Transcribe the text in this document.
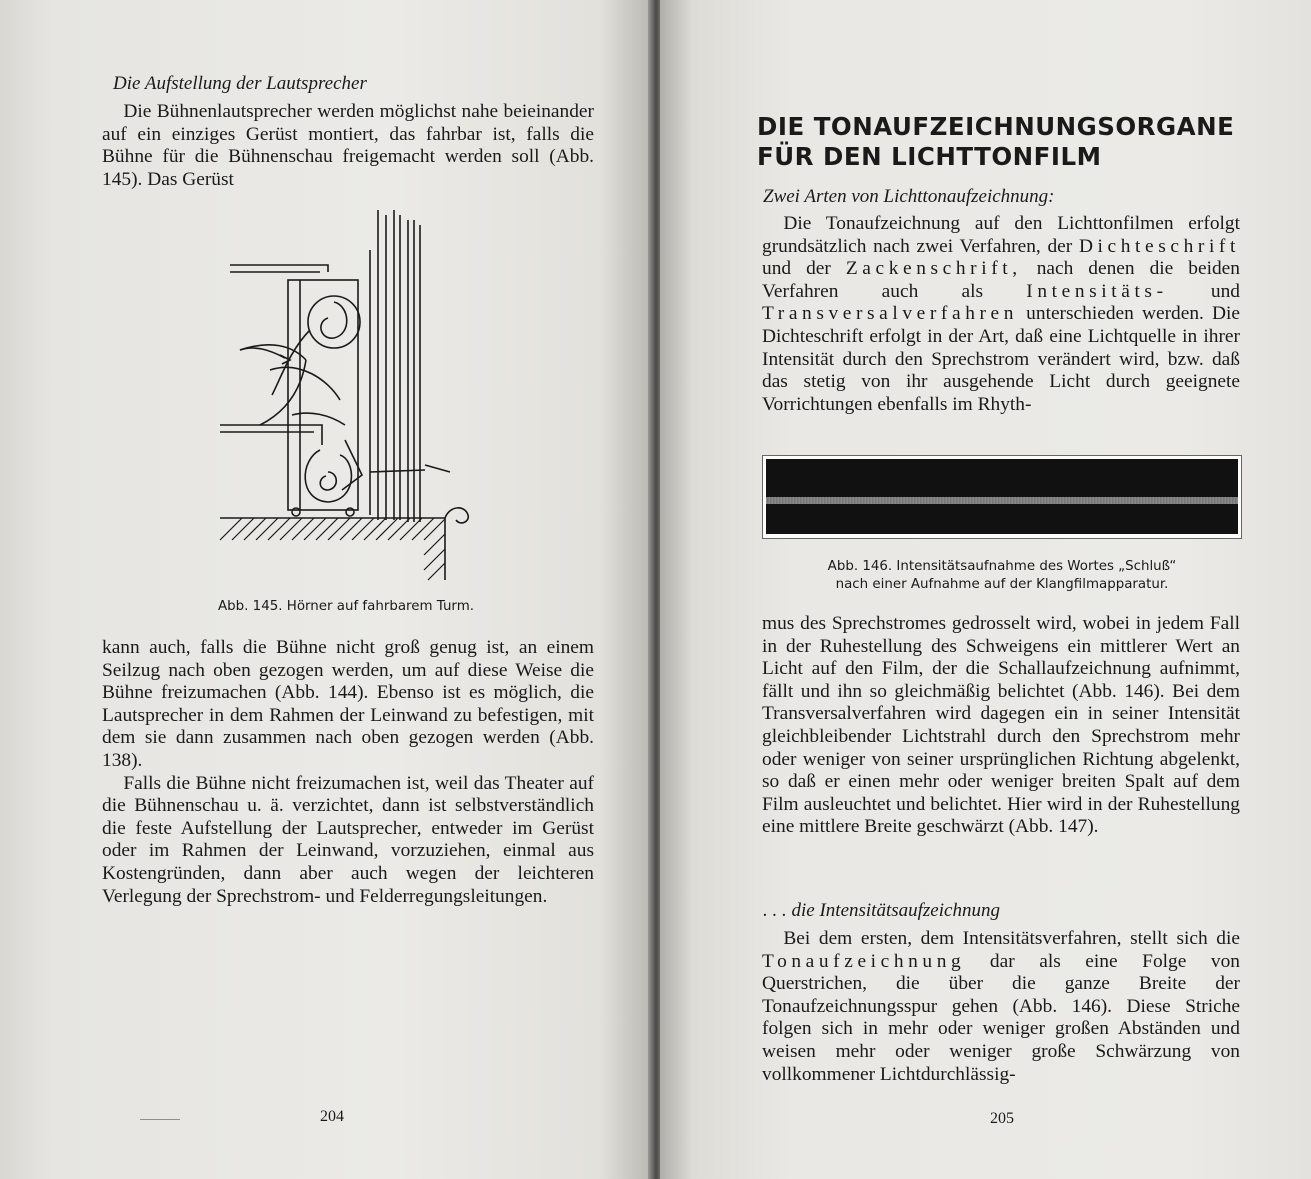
Die Aufstellung der Lautsprecher

Die Bühnenlautsprecher werden möglichst nahe beieinander auf ein einziges Gerüst montiert, das fahrbar ist, falls die Bühne für die Bühnenschau freigemacht werden soll (Abb. 145). Das Gerüst

Abb. 145. Hörner auf fahrbarem Turm.

kann auch, falls die Bühne nicht groß genug ist, an einem Seilzug nach oben gezogen werden, um auf diese Weise die Bühne freizumachen (Abb. 144). Ebenso ist es möglich, die Lautsprecher in dem Rahmen der Leinwand zu befestigen, mit dem sie dann zusammen nach oben gezogen werden (Abb. 138).

Falls die Bühne nicht freizumachen ist, weil das Theater auf die Bühnenschau u. ä. verzichtet, dann ist selbstverständlich die feste Aufstellung der Lautsprecher, entweder im Gerüst oder im Rahmen der Leinwand, vorzuziehen, einmal aus Kostengründen, dann aber auch wegen der leichteren Verlegung der Sprechstrom- und Felderregungsleitungen.

204
DIE TONAUFZEICHNUNGSORGANE
FÜR DEN LICHTTONFILM
Zwei Arten von Lichttonaufzeichnung:

Die Tonaufzeichnung auf den Lichttonfilmen erfolgt grundsätzlich nach zwei Verfahren, der Dichteschrift und der Zackenschrift, nach denen die beiden Verfahren auch als Intensitäts- und Transversalverfahren unterschieden werden. Die Dichteschrift erfolgt in der Art, daß eine Lichtquelle in ihrer Intensität durch den Sprechstrom verändert wird, bzw. daß das stetig von ihr ausgehende Licht durch geeignete Vorrichtungen ebenfalls im Rhyth-

Abb. 146. Intensitätsaufnahme des Wortes „Schluß“
nach einer Aufnahme auf der Klangfilmapparatur.

mus des Sprechstromes gedrosselt wird, wobei in jedem Fall in der Ruhestellung des Schweigens ein mittlerer Wert an Licht auf den Film, der die Schallaufzeichnung aufnimmt, fällt und ihn so gleichmäßig belichtet (Abb. 146). Bei dem Transversalverfahren wird dagegen ein in seiner Intensität gleichbleibender Lichtstrahl durch den Sprechstrom mehr oder weniger von seiner ursprünglichen Richtung abgelenkt, so daß er einen mehr oder weniger breiten Spalt auf dem Film ausleuchtet und belichtet. Hier wird in der Ruhestellung eine mittlere Breite geschwärzt (Abb. 147).

. . . die Intensitätsaufzeichnung

Bei dem ersten, dem Intensitätsverfahren, stellt sich die Tonaufzeichnung dar als eine Folge von Querstrichen, die über die ganze Breite der Tonaufzeichnungsspur gehen (Abb. 146). Diese Striche folgen sich in mehr oder weniger großen Abständen und weisen mehr oder weniger große Schwärzung von vollkommener Lichtdurchlässig-

205
